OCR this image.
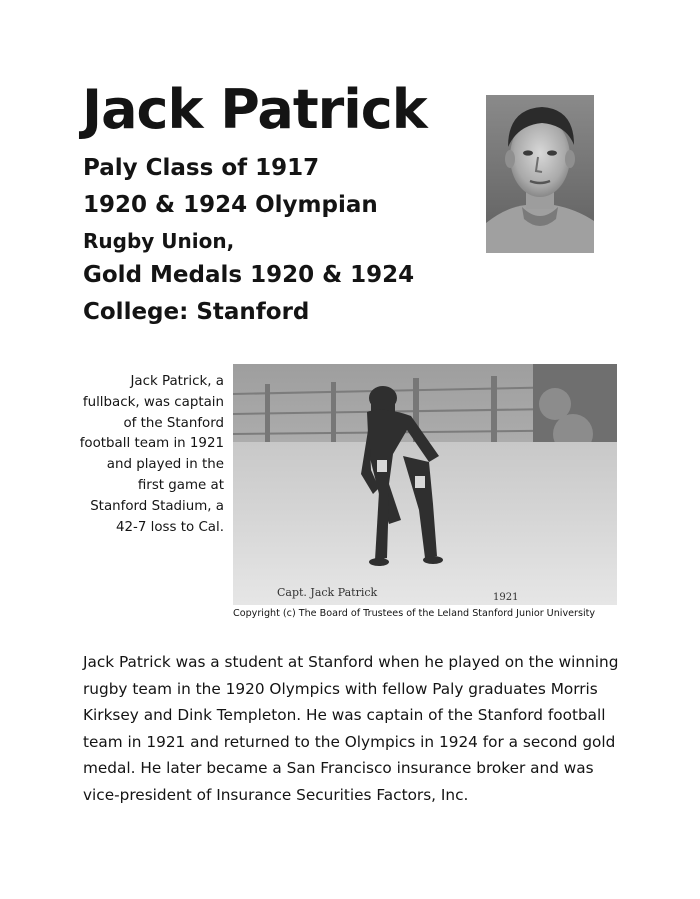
Jack Patrick
Paly Class of 1917
1920 & 1924 Olympian
Rugby Union,
Gold Medals 1920 & 1924
College: Stanford
Capt. Jack Patrick	1921

Jack Patrick, a fullback, was captain of the Stanford football team in 1921 and played in the first game at Stanford Stadium, a 42-7 loss to Cal.

Copyright (c) The Board of Trustees of the Leland Stanford Junior University

Jack Patrick was a student at Stanford when he played on the winning rugby team in the 1920 Olympics with fellow Paly graduates Morris Kirksey and Dink Templeton. He was captain of the Stanford football team in 1921 and returned to the Olympics in 1924 for a second gold medal. He later became a San Francisco insurance broker and was vice-president of Insurance Securities Factors, Inc.
